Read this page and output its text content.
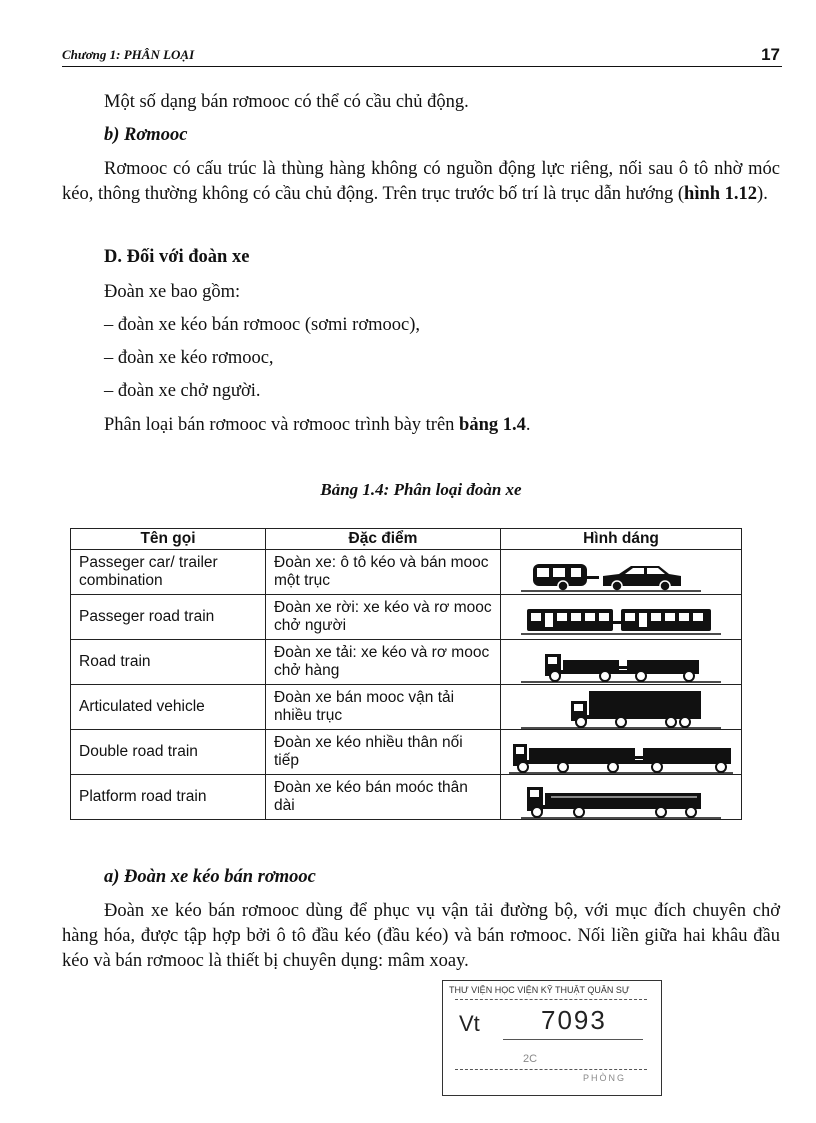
Chương 1: PHÂN LOẠI	17
Một số dạng bán rơmooc có thể có cầu chủ động.
b) Rơmooc
Rơmooc có cấu trúc là thùng hàng không có nguồn động lực riêng, nối sau ô tô nhờ móc kéo, thông thường không có cầu chủ động. Trên trục trước bố trí là trục dẫn hướng (hình 1.12).
D. Đối với đoàn xe
Đoàn xe bao gồm:
– đoàn xe kéo bán rơmooc (sơmi rơmooc),
– đoàn xe kéo rơmooc,
– đoàn xe chở người.
Phân loại bán rơmooc và rơmooc trình bày trên bảng 1.4.
Bảng 1.4: Phân loại đoàn xe
Tên gọi	Đặc điểm	Hình dáng
Passeger car/ trailer combination	Đoàn xe: ô tô kéo và bán mooc một trục	

Passeger road train	Đoàn xe rời: xe kéo và rơ mooc chở người	

Road train	Đoàn xe tải: xe kéo và rơ mooc chở hàng	

Articulated vehicle	Đoàn xe bán mooc vận tải nhiều trục	

Double road train	Đoàn xe kéo nhiều thân nối tiếp	

Platform road train	Đoàn xe kéo bán moóc thân dài	
a) Đoàn xe kéo bán rơmooc
Đoàn xe kéo bán rơmooc dùng để phục vụ vận tải đường bộ, với mục đích chuyên chở hàng hóa, được tập hợp bởi ô tô đầu kéo (đầu kéo) và bán rơmooc. Nối liền giữa hai khâu đầu kéo và bán rơmooc là thiết bị chuyên dụng: mâm xoay.
THƯ VIỆN HỌC VIỆN KỸ THUẬT QUÂN SỰ
Vt 7093
2C
PHÒNG
